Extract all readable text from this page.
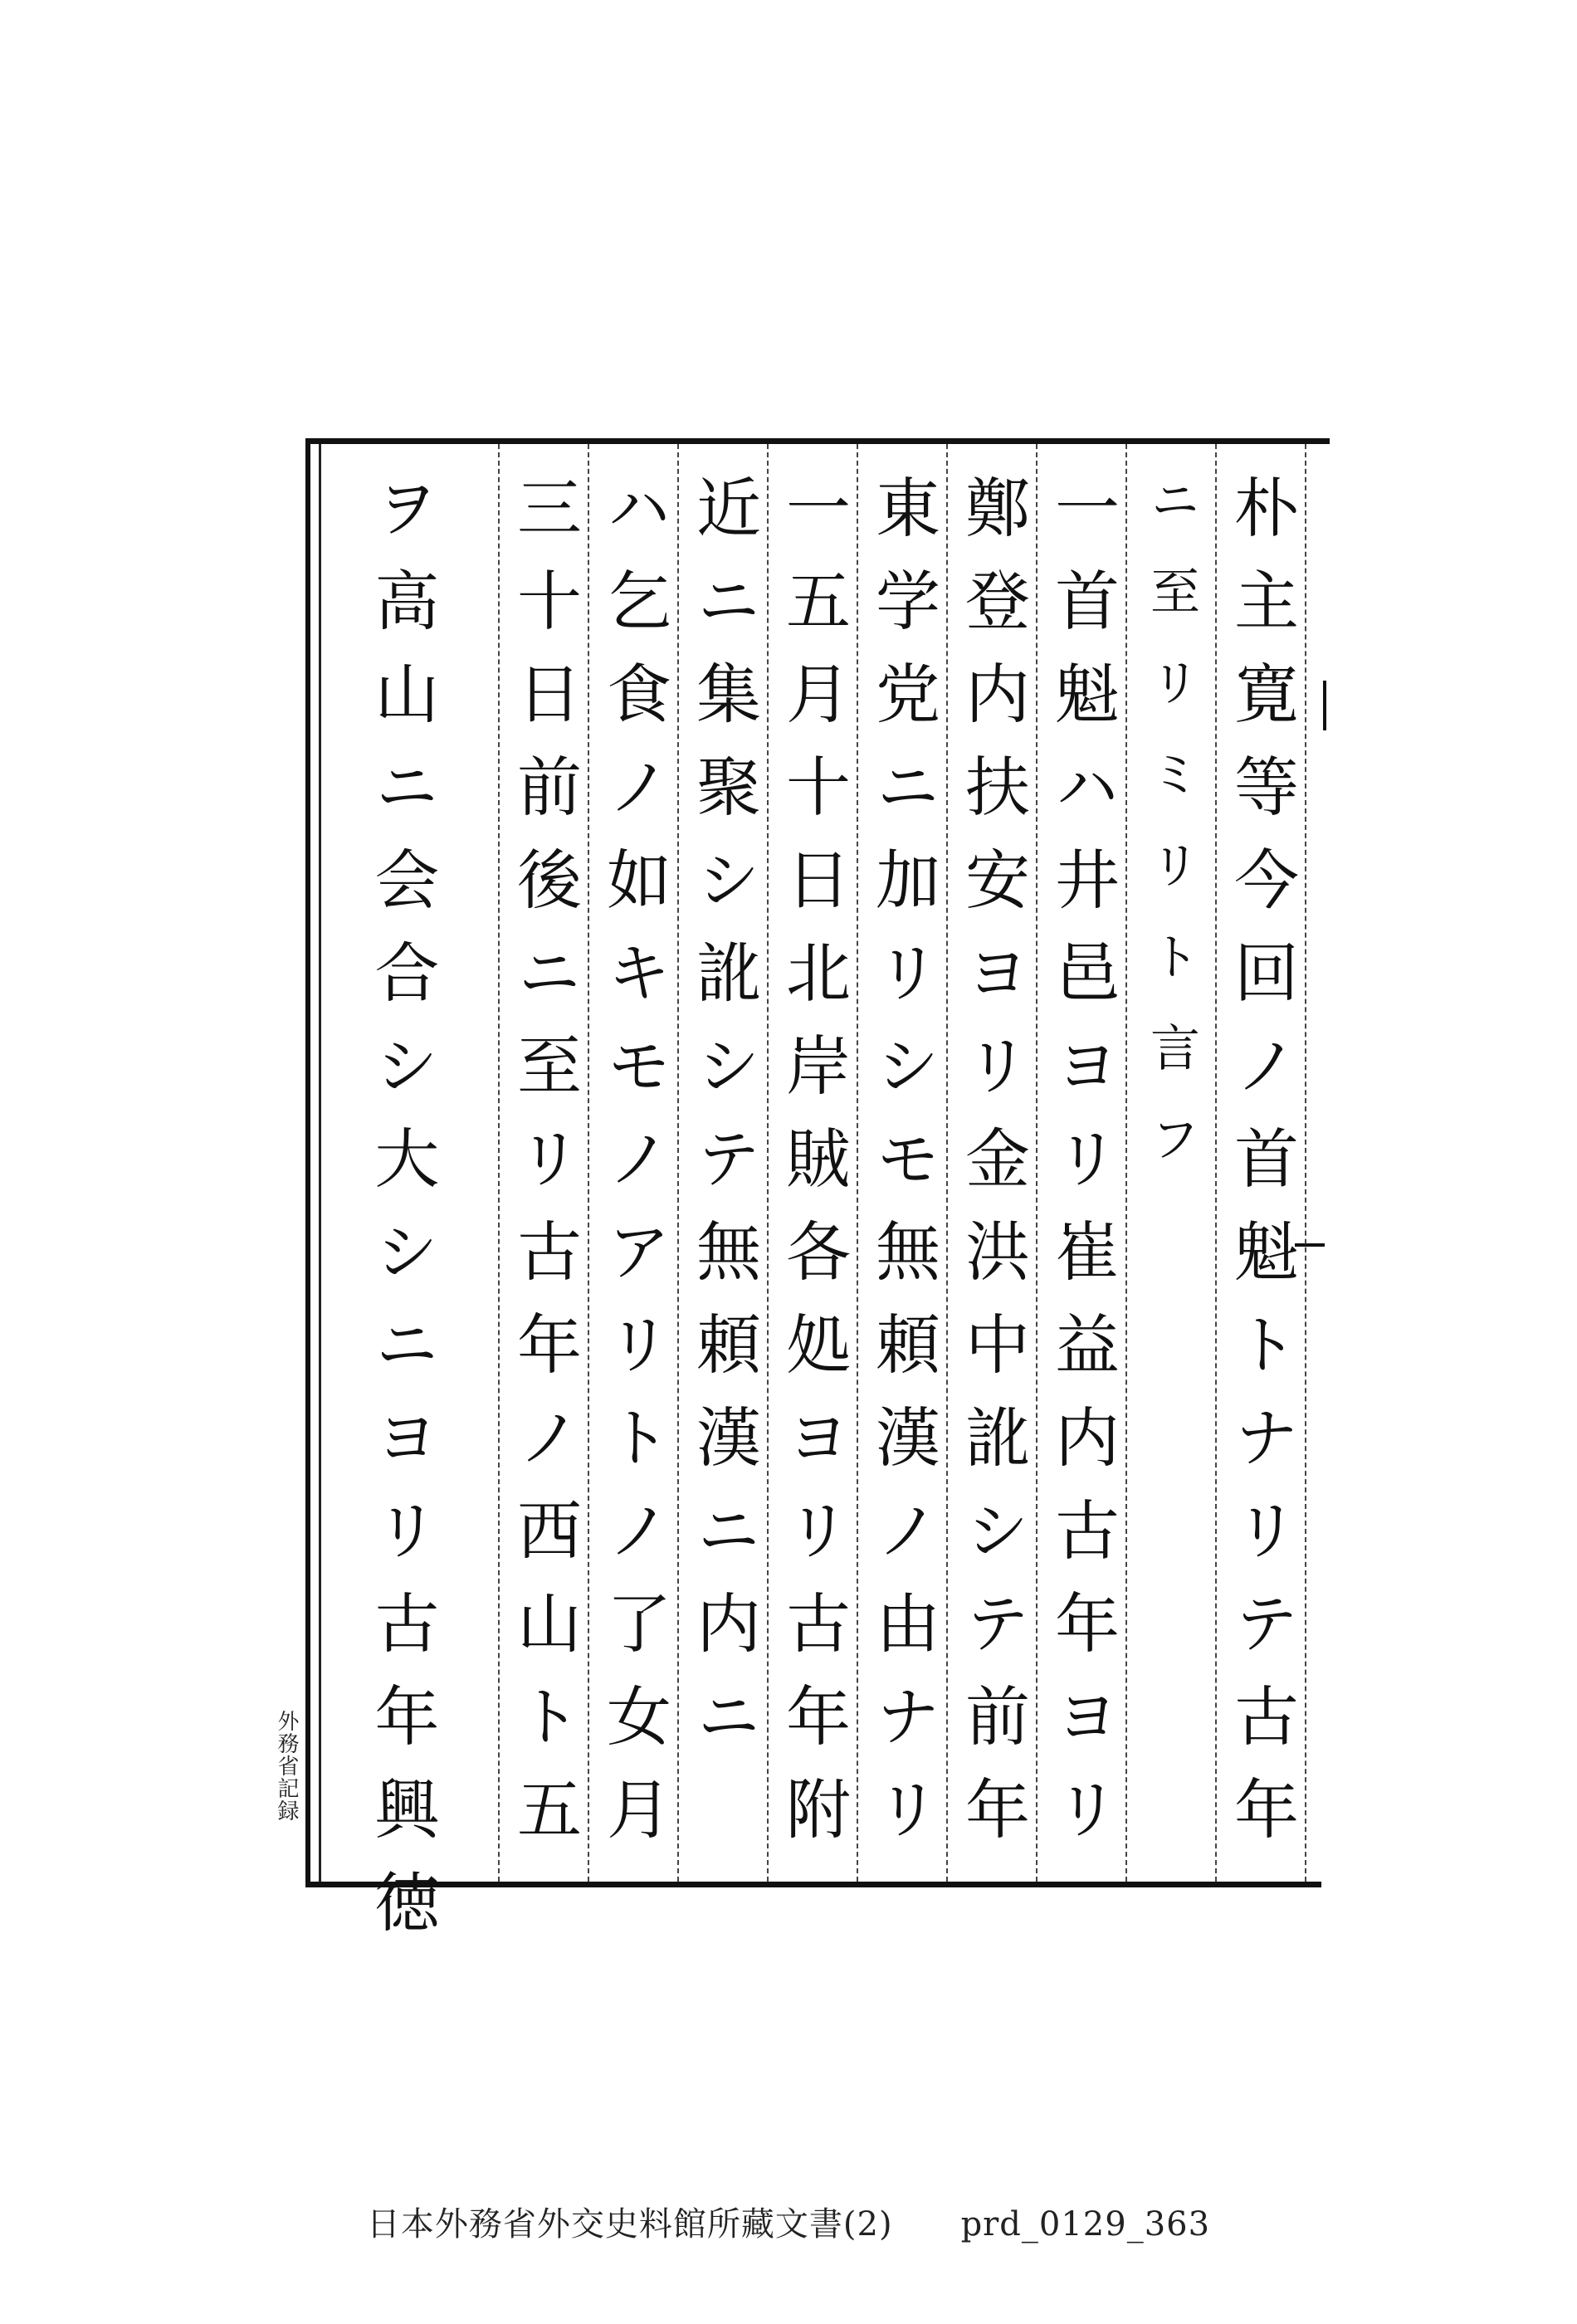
朴主寛等今回ノ首魁トナリテ古年
ニ至リミリト言フ
一首魁ハ井邑ヨリ崔益内古年ヨリ
鄭登内扶安ヨリ金洪中訛シテ前年
東学党ニ加リシモ無頼漢ノ由ナリ
一五月十日北岸賊各処ヨリ古年附
近ニ集聚シ訛シテ無頼漢ニ内ニ
ハ乞食ノ如キモノアリトノ了女月
三十日前後ニ至リ古年ノ西山ト五
ヲ高山ニ会合シ大シニヨリ古年興徳
外務省記録
日本外務省外交史料館所藏文書(2)　　prd_0129_363
